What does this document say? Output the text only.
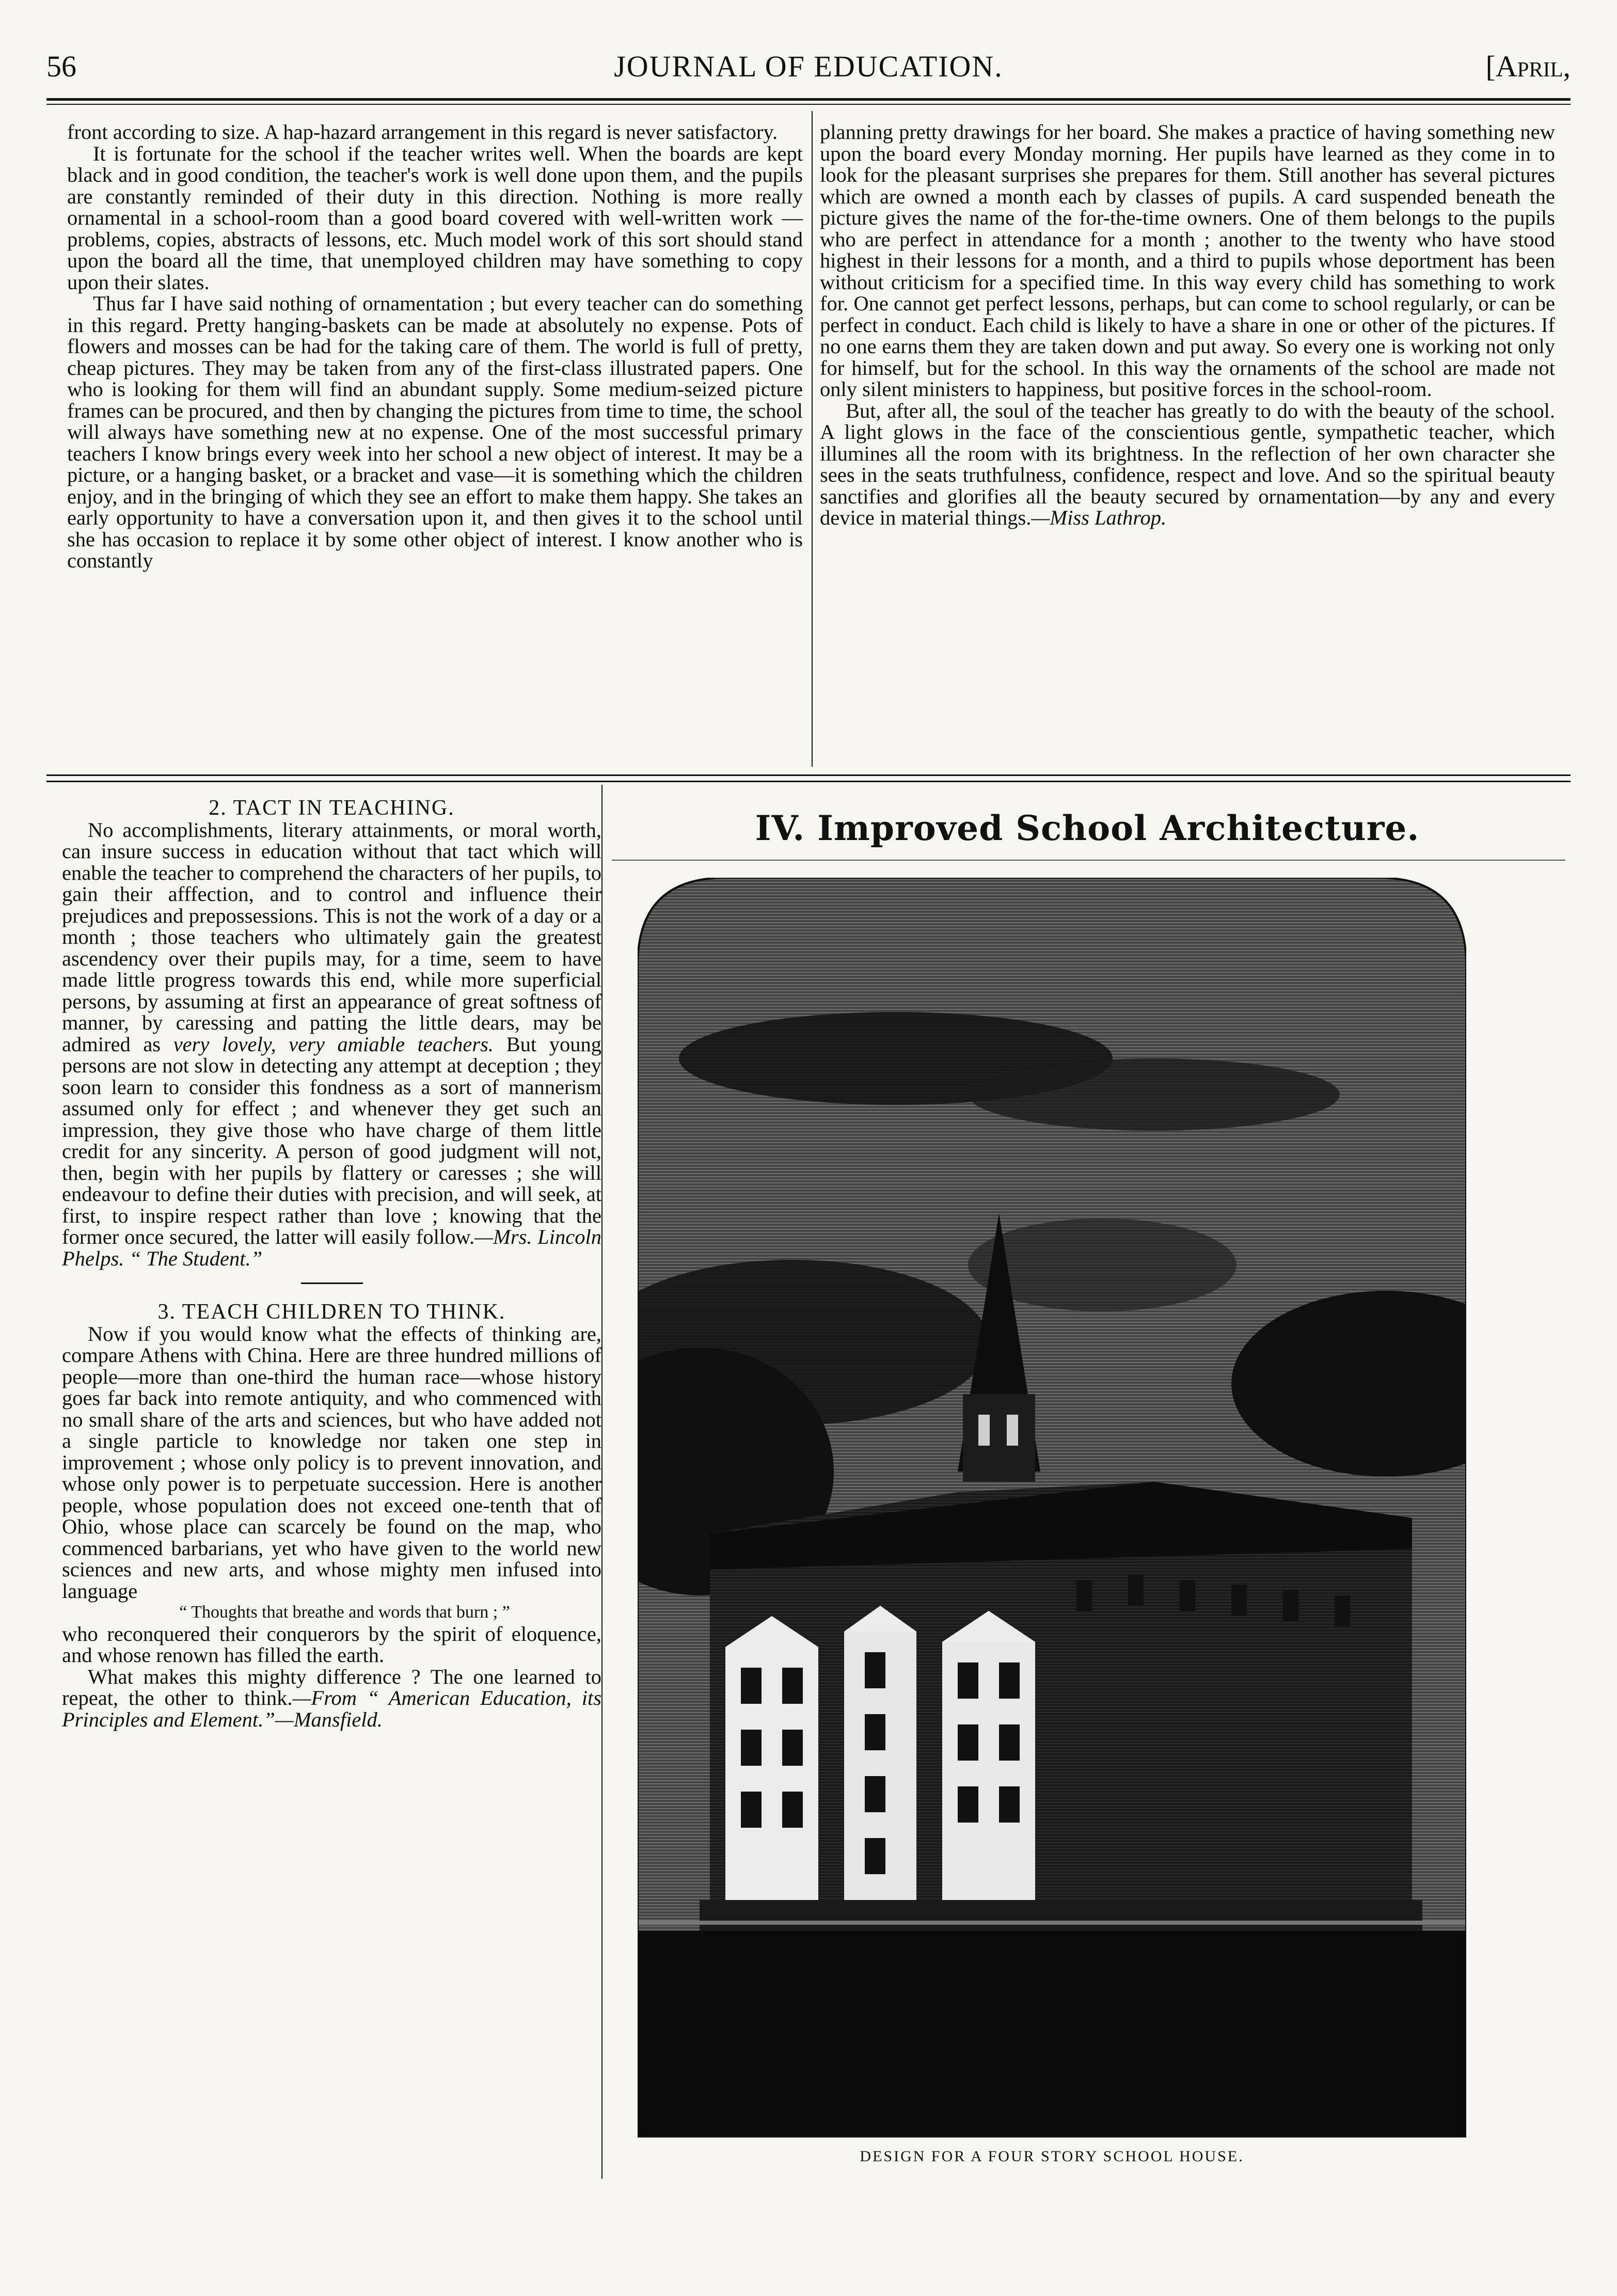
56	JOURNAL OF EDUCATION.	[April,

front according to size. A hap-hazard arrangement in this regard is never satisfactory.

It is fortunate for the school if the teacher writes well. When the boards are kept black and in good condition, the teacher's work is well done upon them, and the pupils are constantly reminded of their duty in this direction. Nothing is more really ornamental in a school-room than a good board covered with well-written work —problems, copies, abstracts of lessons, etc. Much model work of this sort should stand upon the board all the time, that unemployed children may have something to copy upon their slates.

Thus far I have said nothing of ornamentation ; but every teacher can do something in this regard. Pretty hanging-baskets can be made at absolutely no expense. Pots of flowers and mosses can be had for the taking care of them. The world is full of pretty, cheap pictures. They may be taken from any of the first-class illustrated papers. One who is looking for them will find an abundant supply. Some medium-seized picture frames can be procured, and then by changing the pictures from time to time, the school will always have something new at no expense. One of the most successful primary teachers I know brings every week into her school a new object of interest. It may be a picture, or a hanging basket, or a bracket and vase—it is something which the children enjoy, and in the bringing of which they see an effort to make them happy. She takes an early opportunity to have a conversation upon it, and then gives it to the school until she has occasion to replace it by some other object of interest. I know another who is constantly

planning pretty drawings for her board. She makes a practice of having something new upon the board every Monday morning. Her pupils have learned as they come in to look for the pleasant surprises she prepares for them. Still another has several pictures which are owned a month each by classes of pupils. A card suspended beneath the picture gives the name of the for-the-time owners. One of them belongs to the pupils who are perfect in attendance for a month ; another to the twenty who have stood highest in their lessons for a month, and a third to pupils whose deportment has been without criticism for a specified time. In this way every child has something to work for. One cannot get perfect lessons, perhaps, but can come to school regularly, or can be perfect in conduct. Each child is likely to have a share in one or other of the pictures. If no one earns them they are taken down and put away. So every one is working not only for himself, but for the school. In this way the ornaments of the school are made not only silent ministers to happiness, but positive forces in the school-room.

But, after all, the soul of the teacher has greatly to do with the beauty of the school. A light glows in the face of the conscientious gentle, sympathetic teacher, which illumines all the room with its brightness. In the reflection of her own character she sees in the seats truthfulness, confidence, respect and love. And so the spiritual beauty sanctifies and glorifies all the beauty secured by ornamentation—by any and every device in material things.—Miss Lathrop.

2. TACT IN TEACHING.

No accomplishments, literary attainments, or moral worth, can insure success in education without that tact which will enable the teacher to comprehend the characters of her pupils, to gain their afffection, and to control and influence their prejudices and prepossessions. This is not the work of a day or a month ; those teachers who ultimately gain the greatest ascendency over their pupils may, for a time, seem to have made little progress towards this end, while more superficial persons, by assuming at first an appearance of great softness of manner, by caressing and patting the little dears, may be admired as very lovely, very amiable teachers. But young persons are not slow in detecting any attempt at deception ; they soon learn to consider this fondness as a sort of mannerism assumed only for effect ; and whenever they get such an impression, they give those who have charge of them little credit for any sincerity. A person of good judgment will not, then, begin with her pupils by flattery or caresses ; she will endeavour to define their duties with precision, and will seek, at first, to inspire respect rather than love ; knowing that the former once secured, the latter will easily follow.—Mrs. Lincoln Phelps. “ The Student.”

3. TEACH CHILDREN TO THINK.

Now if you would know what the effects of thinking are, compare Athens with China. Here are three hundred millions of people—more than one-third the human race—whose history goes far back into remote antiquity, and who commenced with no small share of the arts and sciences, but who have added not a single particle to knowledge nor taken one step in improvement ; whose only policy is to prevent innovation, and whose only power is to perpetuate succession. Here is another people, whose population does not exceed one-tenth that of Ohio, whose place can scarcely be found on the map, who commenced barbarians, yet who have given to the world new sciences and new arts, and whose mighty men infused into language

“ Thoughts that breathe and words that burn ; ”

who reconquered their conquerors by the spirit of eloquence, and whose renown has filled the earth.

What makes this mighty difference ? The one learned to repeat, the other to think.—From “ American Education, its Principles and Element.”—Mansfield.

IV. Improved School Architecture.
DESIGN FOR A FOUR STORY SCHOOL HOUSE.
